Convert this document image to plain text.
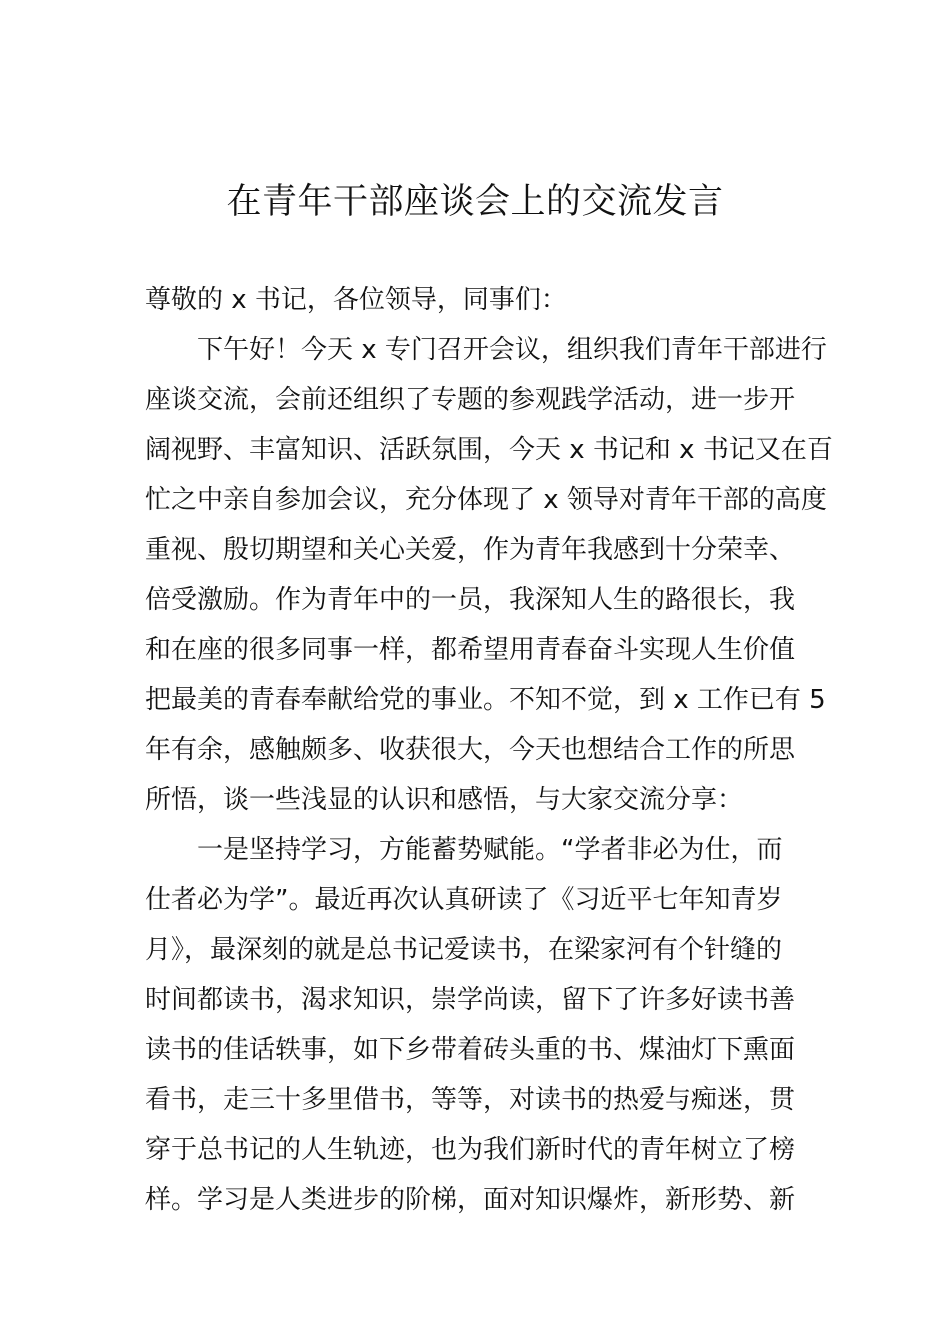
在青年干部座谈会上的交流发言
尊敬的 x 书记，各位领导，同事们：
下午好！今天 x 专门召开会议，组织我们青年干部进行
座谈交流，会前还组织了专题的参观践学活动，进一步开
阔视野、丰富知识、活跃氛围，今天 x 书记和 x 书记又在百
忙之中亲自参加会议，充分体现了 x 领导对青年干部的高度
重视、殷切期望和关心关爱，作为青年我感到十分荣幸、
倍受激励。作为青年中的一员，我深知人生的路很长，我
和在座的很多同事一样，都希望用青春奋斗实现人生价值
把最美的青春奉献给党的事业。不知不觉，到 x 工作已有 5
年有余，感触颇多、收获很大，今天也想结合工作的所思
所悟，谈一些浅显的认识和感悟，与大家交流分享：
一是坚持学习，方能蓄势赋能。“学者非必为仕，而
仕者必为学”。最近再次认真研读了《习近平七年知青岁
月》，最深刻的就是总书记爱读书，在梁家河有个针缝的
时间都读书，渴求知识，崇学尚读，留下了许多好读书善
读书的佳话轶事，如下乡带着砖头重的书、煤油灯下熏面
看书，走三十多里借书，等等，对读书的热爱与痴迷，贯
穿于总书记的人生轨迹，也为我们新时代的青年树立了榜
样。学习是人类进步的阶梯，面对知识爆炸，新形势、新
